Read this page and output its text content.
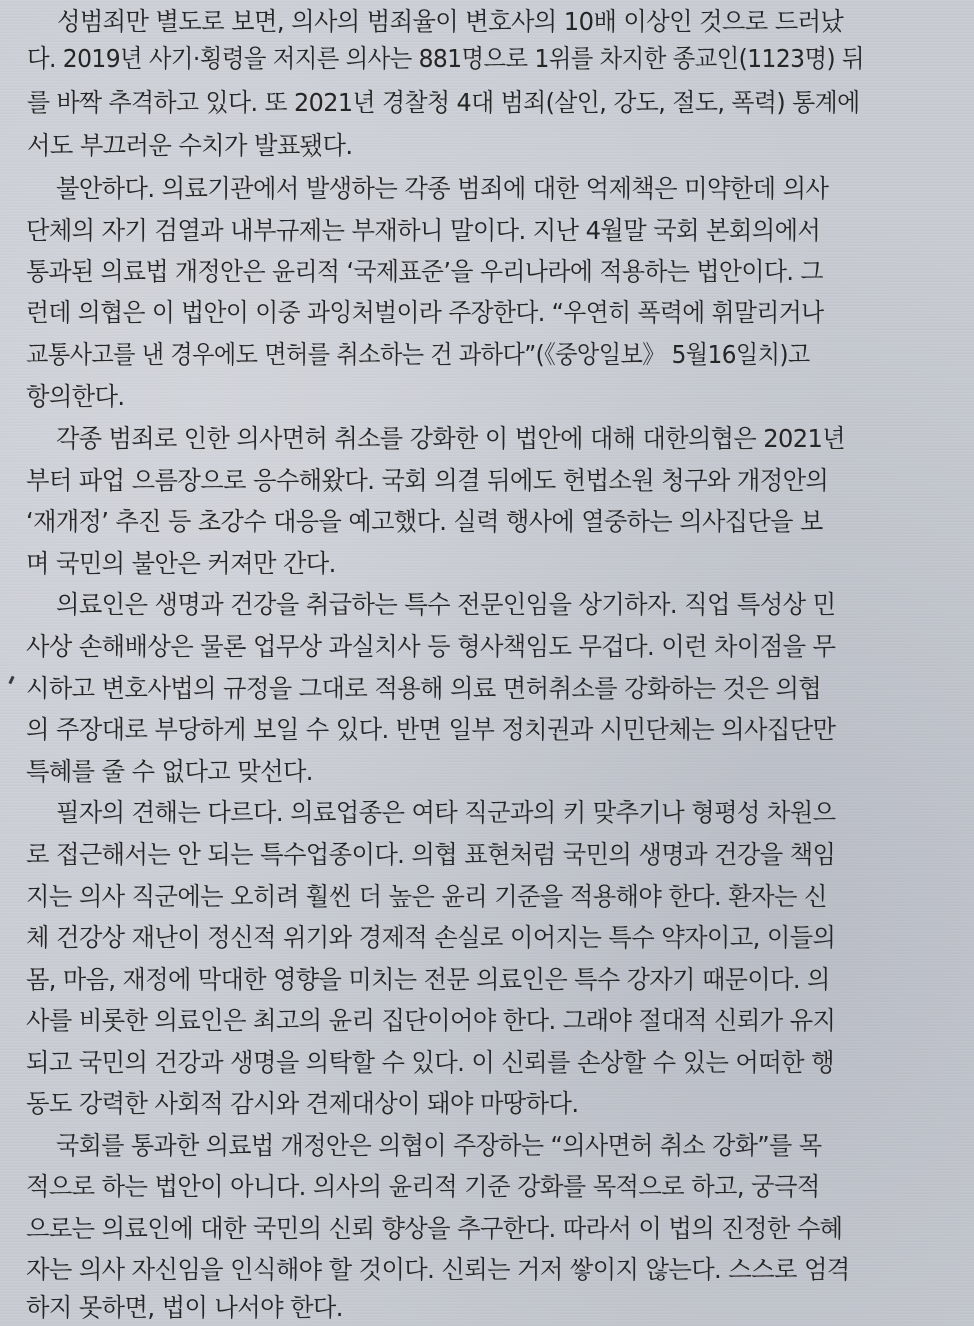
성범죄만 별도로 보면, 의사의 범죄율이 변호사의 10배 이상인 것으로 드러났
다. 2019년 사기·횡령을 저지른 의사는 881명으로 1위를 차지한 종교인(1123명) 뒤
를 바짝 추격하고 있다. 또 2021년 경찰청 4대 범죄(살인, 강도, 절도, 폭력) 통계에
서도 부끄러운 수치가 발표됐다.
불안하다. 의료기관에서 발생하는 각종 범죄에 대한 억제책은 미약한데 의사
단체의 자기 검열과 내부규제는 부재하니 말이다. 지난 4월말 국회 본회의에서
통과된 의료법 개정안은 윤리적 ‘국제표준’을 우리나라에 적용하는 법안이다. 그
런데 의협은 이 법안이 이중 과잉처벌이라 주장한다. “우연히 폭력에 휘말리거나
교통사고를 낸 경우에도 면허를 취소하는 건 과하다”(《중앙일보》 5월16일치)고
항의한다.
각종 범죄로 인한 의사면허 취소를 강화한 이 법안에 대해 대한의협은 2021년
부터 파업 으름장으로 응수해왔다. 국회 의결 뒤에도 헌법소원 청구와 개정안의
‘재개정’ 추진 등 초강수 대응을 예고했다. 실력 행사에 열중하는 의사집단을 보
며 국민의 불안은 커져만 간다.
의료인은 생명과 건강을 취급하는 특수 전문인임을 상기하자. 직업 특성상 민
사상 손해배상은 물론 업무상 과실치사 등 형사책임도 무겁다. 이런 차이점을 무
시하고 변호사법의 규정을 그대로 적용해 의료 면허취소를 강화하는 것은 의협
의 주장대로 부당하게 보일 수 있다. 반면 일부 정치권과 시민단체는 의사집단만
특혜를 줄 수 없다고 맞선다.
필자의 견해는 다르다. 의료업종은 여타 직군과의 키 맞추기나 형평성 차원으
로 접근해서는 안 되는 특수업종이다. 의협 표현처럼 국민의 생명과 건강을 책임
지는 의사 직군에는 오히려 훨씬 더 높은 윤리 기준을 적용해야 한다. 환자는 신
체 건강상 재난이 정신적 위기와 경제적 손실로 이어지는 특수 약자이고, 이들의
몸, 마음, 재정에 막대한 영향을 미치는 전문 의료인은 특수 강자기 때문이다. 의
사를 비롯한 의료인은 최고의 윤리 집단이어야 한다. 그래야 절대적 신뢰가 유지
되고 국민의 건강과 생명을 의탁할 수 있다. 이 신뢰를 손상할 수 있는 어떠한 행
동도 강력한 사회적 감시와 견제대상이 돼야 마땅하다.
국회를 통과한 의료법 개정안은 의협이 주장하는 “의사면허 취소 강화”를 목
적으로 하는 법안이 아니다. 의사의 윤리적 기준 강화를 목적으로 하고, 궁극적
으로는 의료인에 대한 국민의 신뢰 향상을 추구한다. 따라서 이 법의 진정한 수혜
자는 의사 자신임을 인식해야 할 것이다. 신뢰는 거저 쌓이지 않는다. 스스로 엄격
하지 못하면, 법이 나서야 한다.
